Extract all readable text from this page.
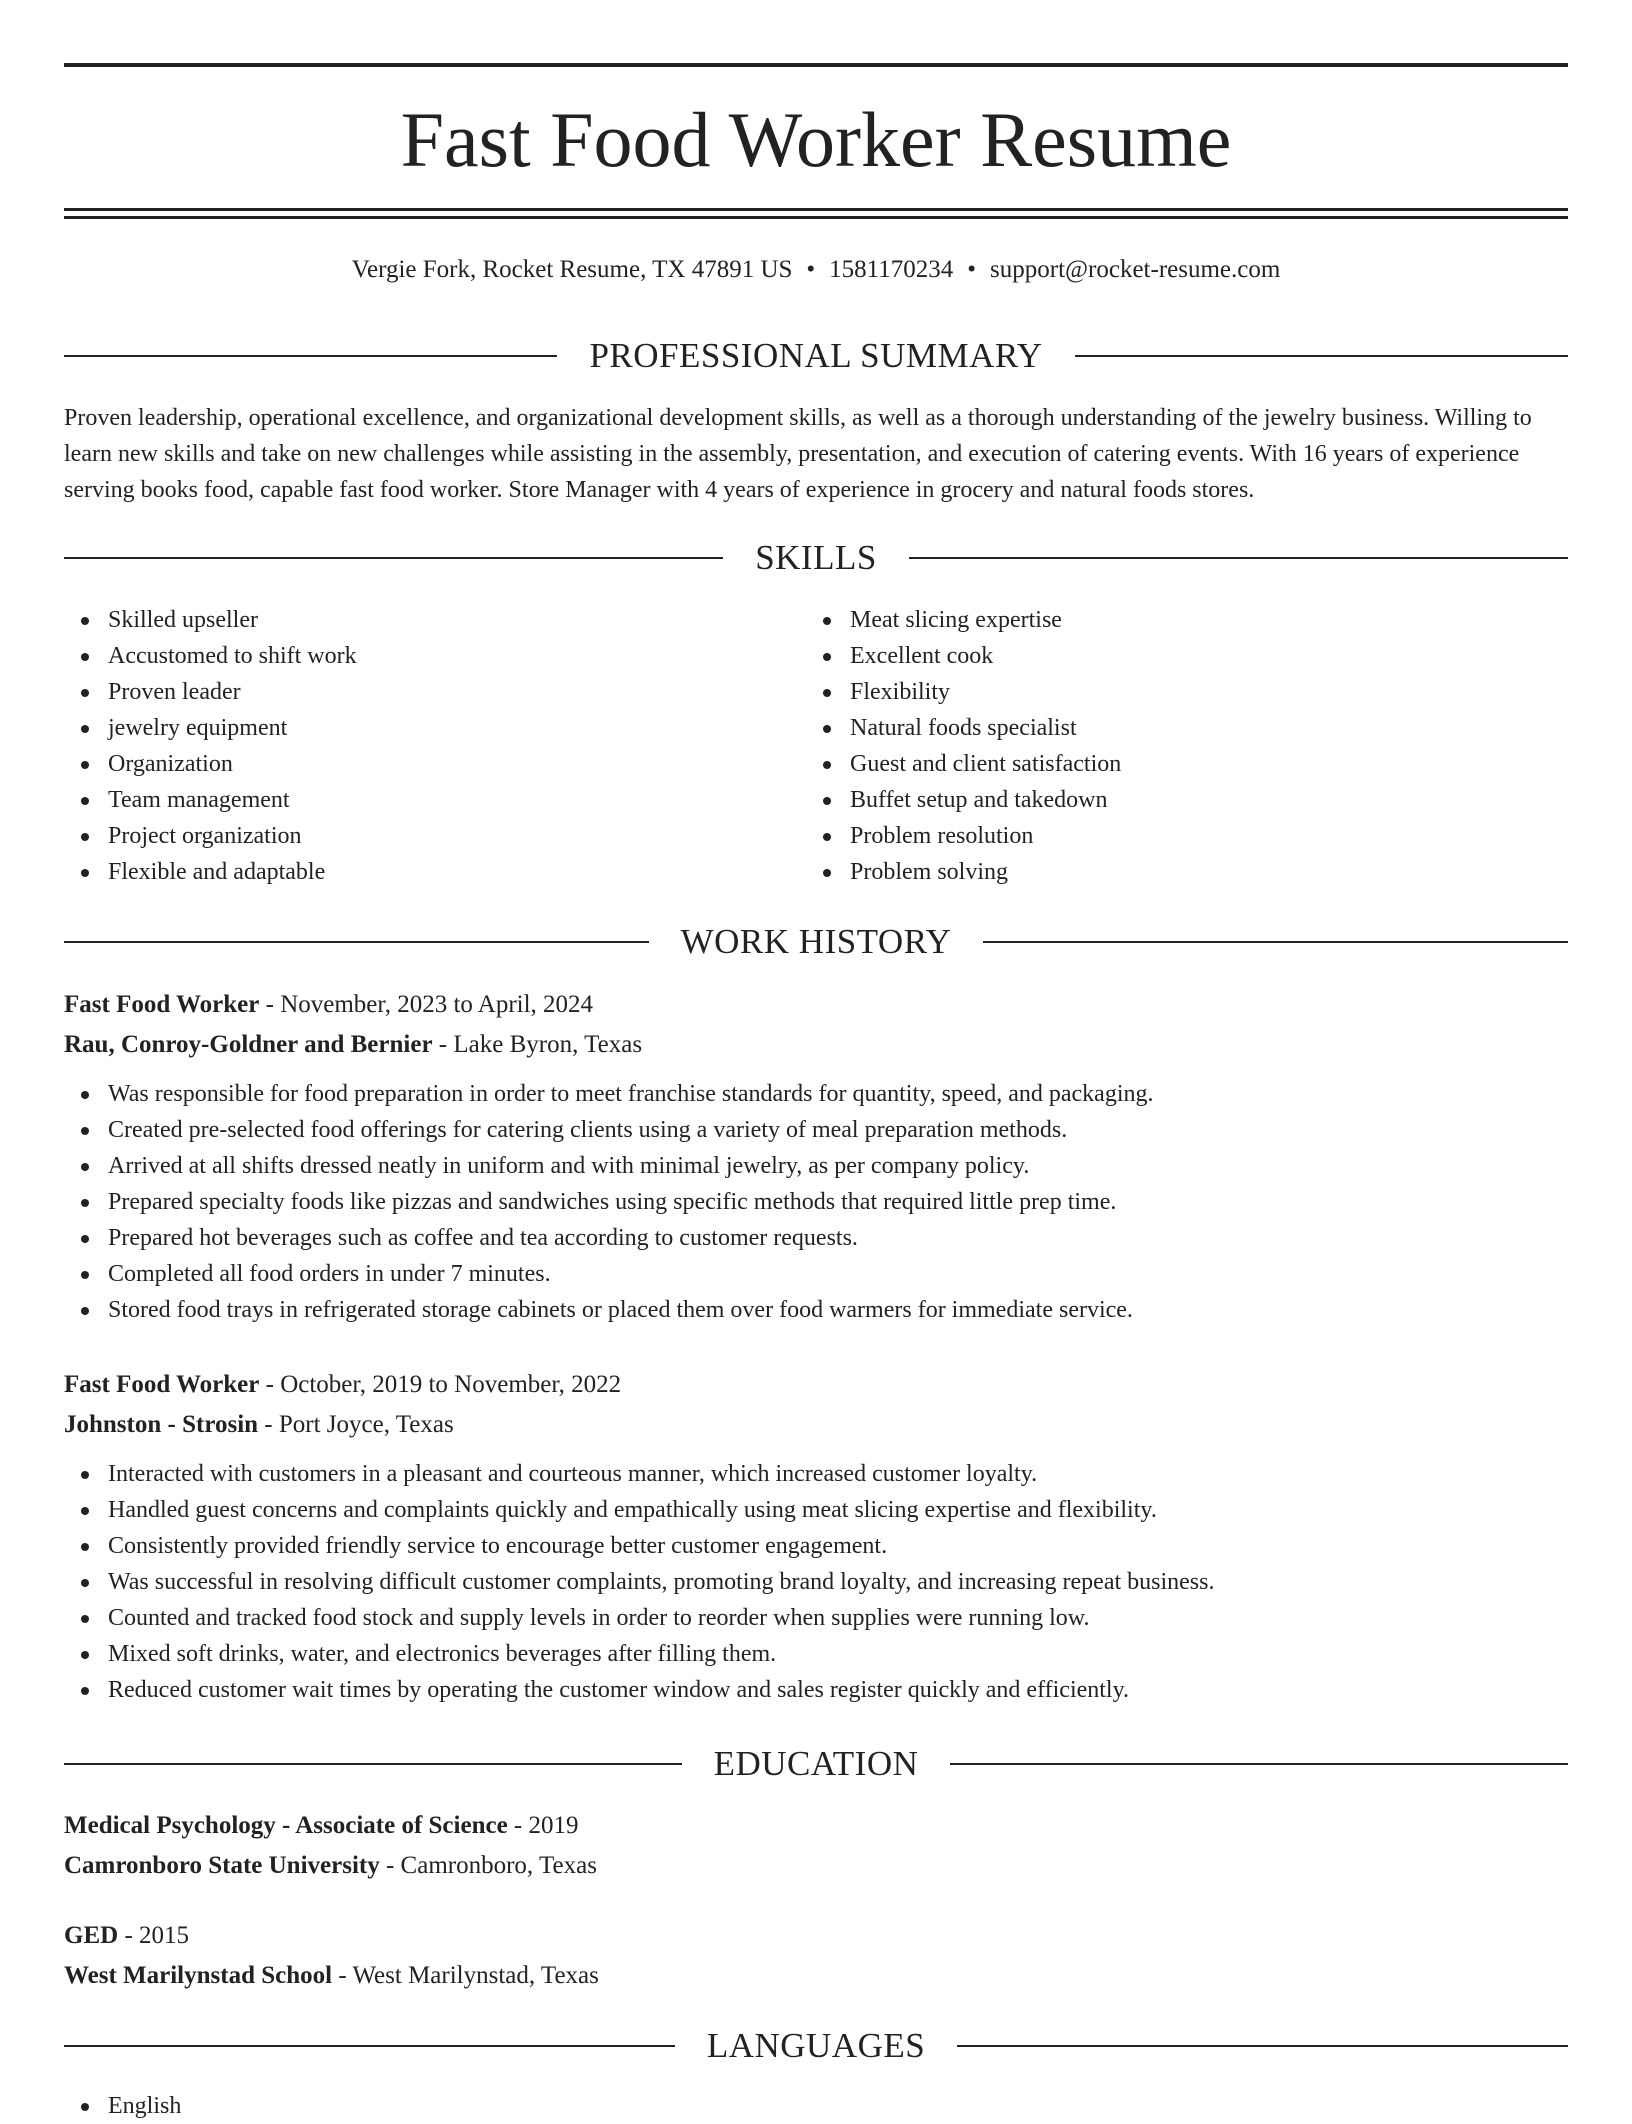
Fast Food Worker Resume
Vergie Fork, Rocket Resume, TX 47891 US • 1581170234 • support@rocket-resume.com
PROFESSIONAL SUMMARY

Proven leadership, operational excellence, and organizational development skills, as well as a thorough understanding of the jewelry business. Willing to learn new skills and take on new challenges while assisting in the assembly, presentation, and execution of catering events. With 16 years of experience serving books food, capable fast food worker. Store Manager with 4 years of experience in grocery and natural foods stores.

SKILLS
Skilled upseller
Accustomed to shift work
Proven leader
jewelry equipment
Organization
Team management
Project organization
Flexible and adaptable
Meat slicing expertise
Excellent cook
Flexibility
Natural foods specialist
Guest and client satisfaction
Buffet setup and takedown
Problem resolution
Problem solving
WORK HISTORY
Fast Food Worker - November, 2023 to April, 2024
Rau, Conroy-Goldner and Bernier - Lake Byron, Texas
Was responsible for food preparation in order to meet franchise standards for quantity, speed, and packaging.
Created pre-selected food offerings for catering clients using a variety of meal preparation methods.
Arrived at all shifts dressed neatly in uniform and with minimal jewelry, as per company policy.
Prepared specialty foods like pizzas and sandwiches using specific methods that required little prep time.
Prepared hot beverages such as coffee and tea according to customer requests.
Completed all food orders in under 7 minutes.
Stored food trays in refrigerated storage cabinets or placed them over food warmers for immediate service.
Fast Food Worker - October, 2019 to November, 2022
Johnston - Strosin - Port Joyce, Texas
Interacted with customers in a pleasant and courteous manner, which increased customer loyalty.
Handled guest concerns and complaints quickly and empathically using meat slicing expertise and flexibility.
Consistently provided friendly service to encourage better customer engagement.
Was successful in resolving difficult customer complaints, promoting brand loyalty, and increasing repeat business.
Counted and tracked food stock and supply levels in order to reorder when supplies were running low.
Mixed soft drinks, water, and electronics beverages after filling them.
Reduced customer wait times by operating the customer window and sales register quickly and efficiently.
EDUCATION
Medical Psychology - Associate of Science - 2019
Camronboro State University - Camronboro, Texas
GED - 2015
West Marilynstad School - West Marilynstad, Texas
LANGUAGES
English
